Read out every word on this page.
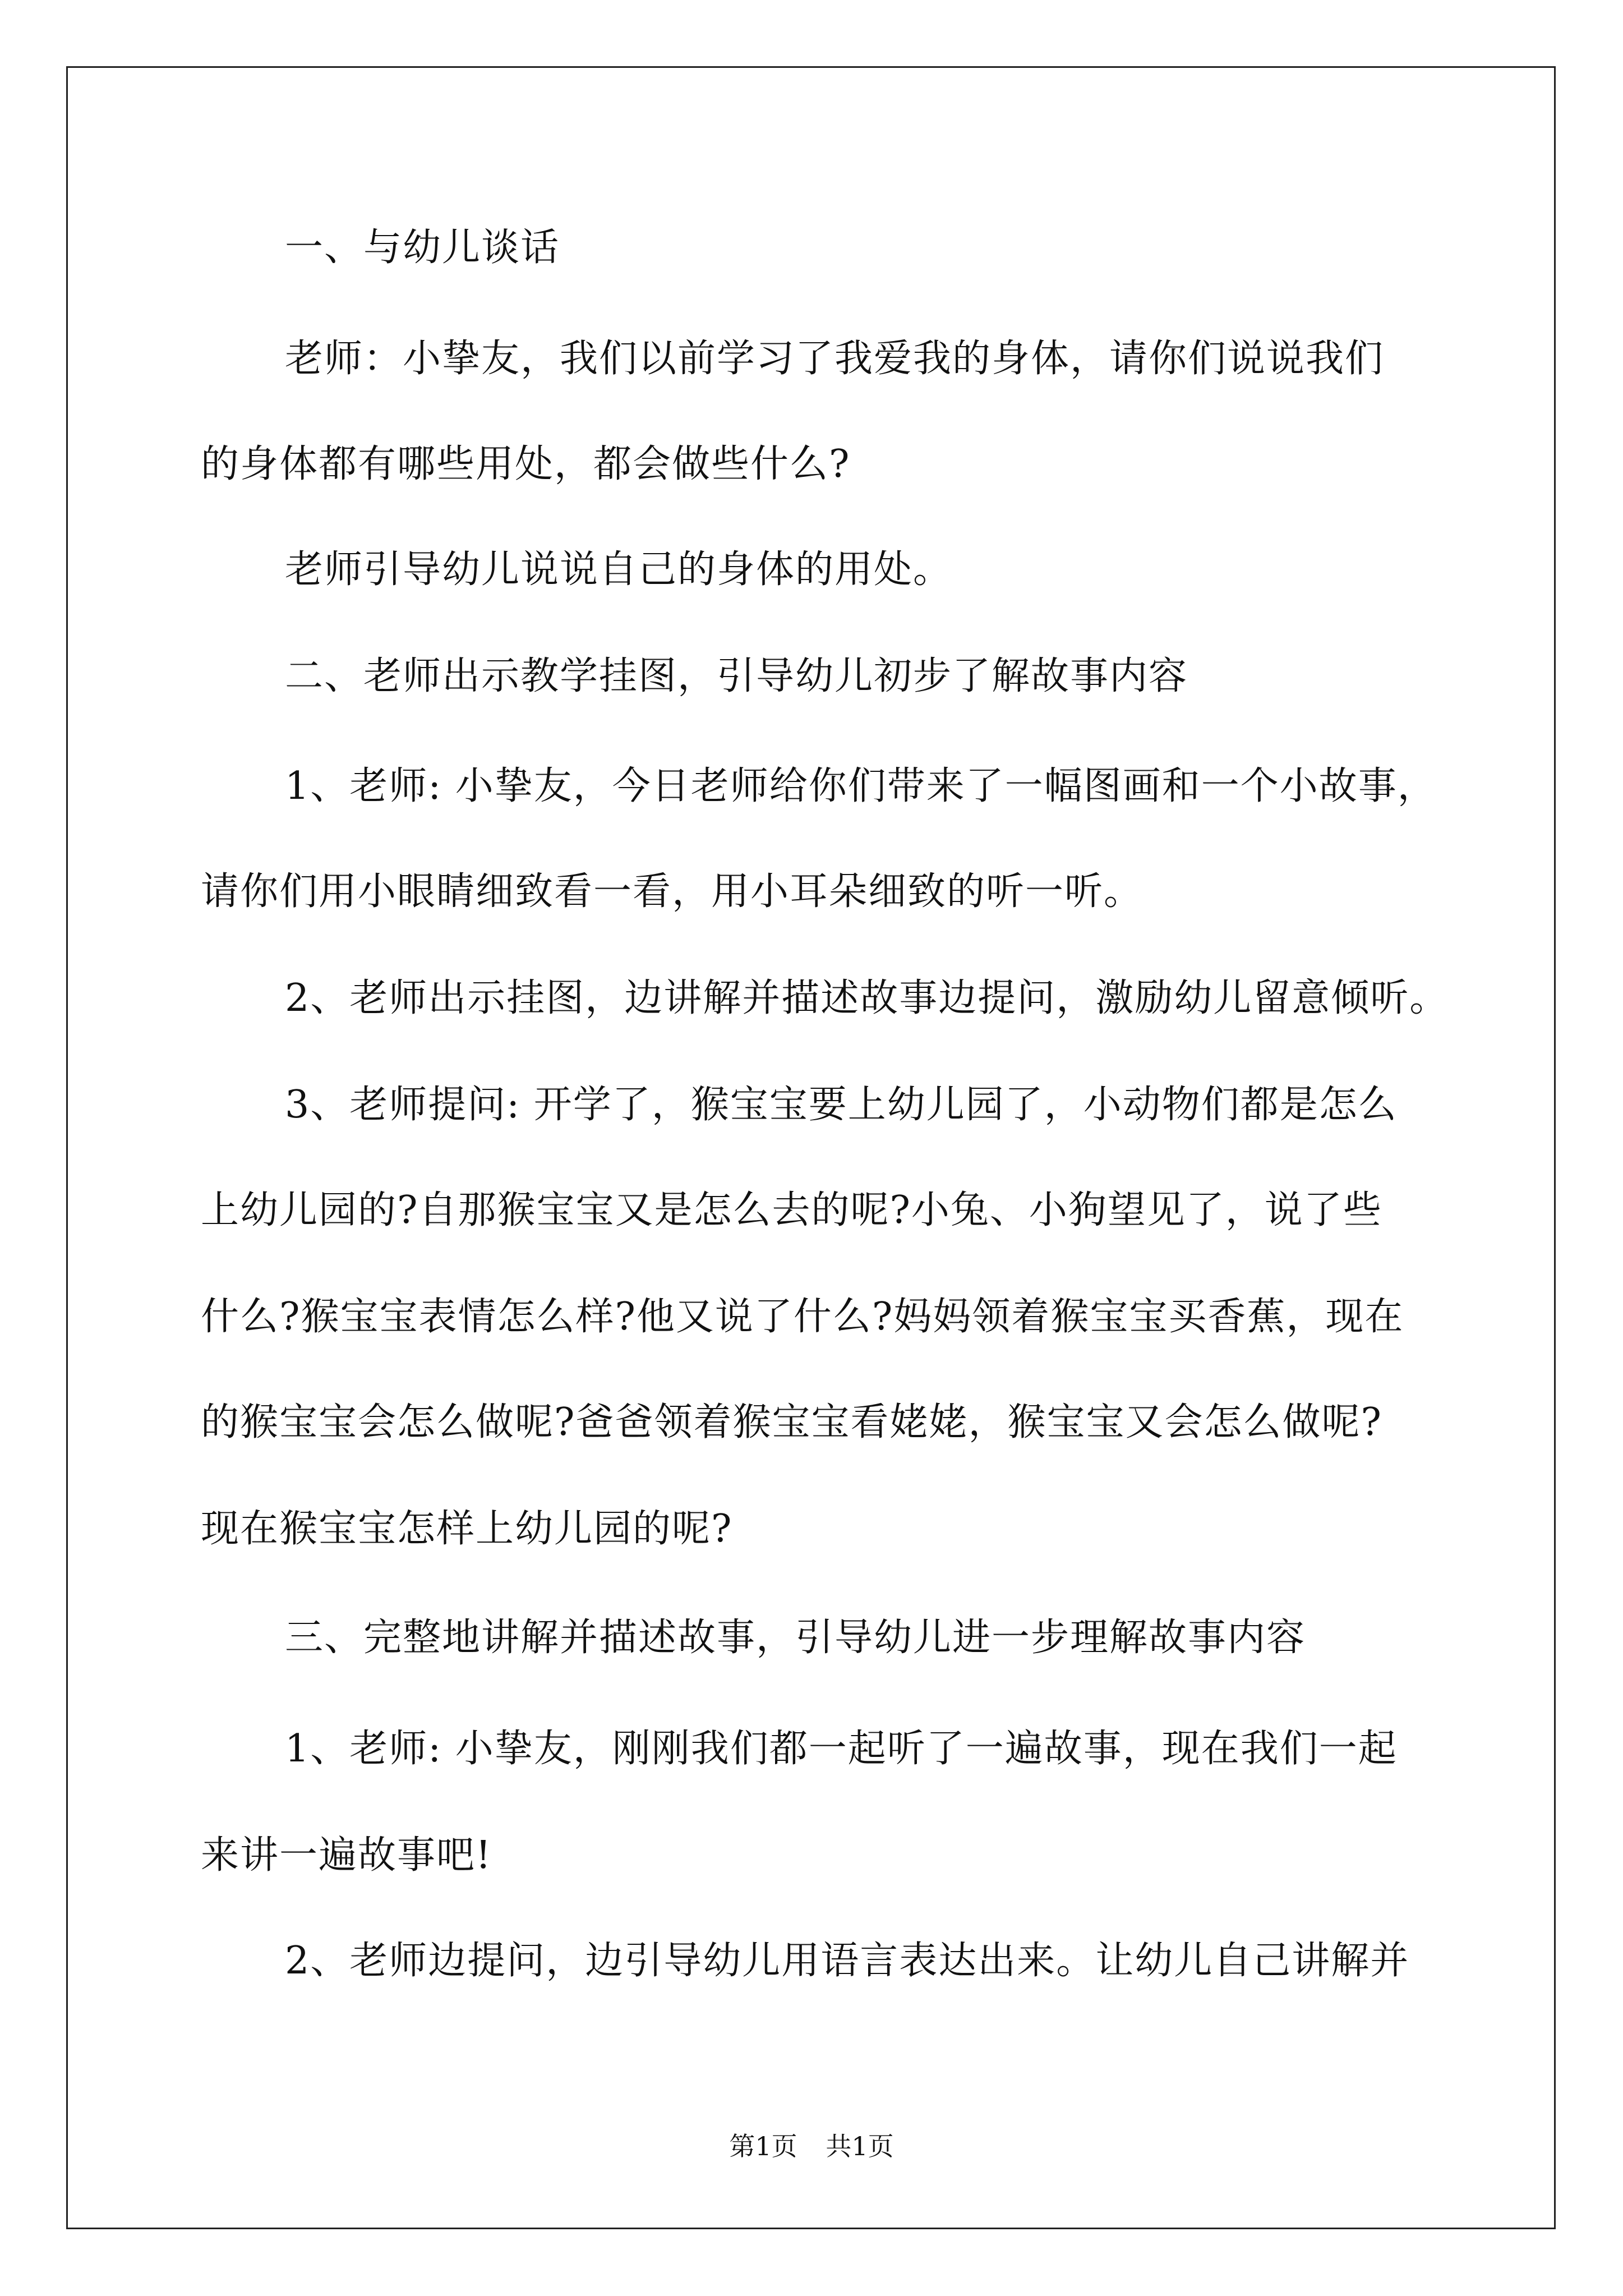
一、与幼儿谈话
老师：小挚友，我们以前学习了我爱我的身体，请你们说说我们
的身体都有哪些用处，都会做些什么?
老师引导幼儿说说自己的身体的用处。
二、老师出示教学挂图，引导幼儿初步了解故事内容
1、老师: 小挚友，今日老师给你们带来了一幅图画和一个小故事，
请你们用小眼睛细致看一看，用小耳朵细致的听一听。
2、老师出示挂图，边讲解并描述故事边提问，激励幼儿留意倾听。
3、老师提问: 开学了，猴宝宝要上幼儿园了，小动物们都是怎么
上幼儿园的?自那猴宝宝又是怎么去的呢?小兔、小狗望见了，说了些
什么?猴宝宝表情怎么样?他又说了什么?妈妈领着猴宝宝买香蕉，现在
的猴宝宝会怎么做呢?爸爸领着猴宝宝看姥姥，猴宝宝又会怎么做呢?
现在猴宝宝怎样上幼儿园的呢?
三、完整地讲解并描述故事，引导幼儿进一步理解故事内容
1、老师: 小挚友，刚刚我们都一起听了一遍故事，现在我们一起
来讲一遍故事吧!
2、老师边提问，边引导幼儿用语言表达出来。让幼儿自己讲解并
第1页 共1页
